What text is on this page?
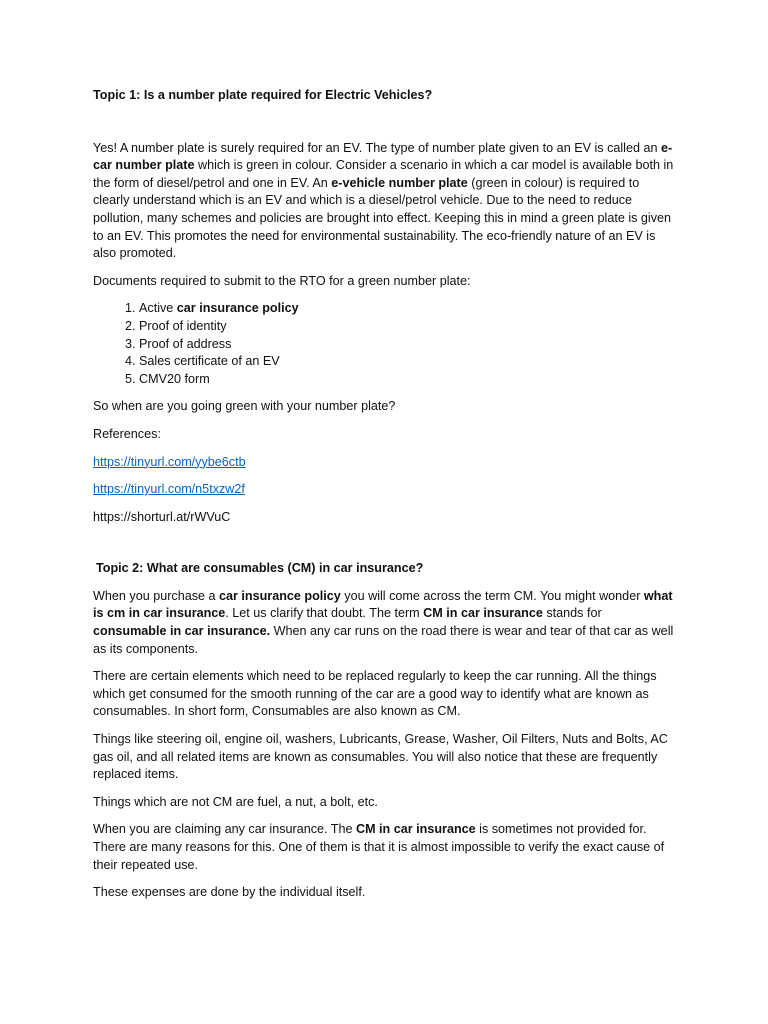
Topic 1: Is a number plate required for Electric Vehicles?

Yes! A number plate is surely required for an EV. The type of number plate given to an EV is called an e-car number plate which is green in colour. Consider a scenario in which a car model is available both in the form of diesel/petrol and one in EV. An e-vehicle number plate (green in colour) is required to clearly understand which is an EV and which is a diesel/petrol vehicle. Due to the need to reduce pollution, many schemes and policies are brought into effect. Keeping this in mind a green plate is given to an EV. This promotes the need for environmental sustainability. The eco-friendly nature of an EV is also promoted.

Documents required to submit to the RTO for a green number plate:

1. Active car insurance policy
2. Proof of identity
3. Proof of address
4. Sales certificate of an EV
5. CMV20 form

So when are you going green with your number plate?

References:

https://tinyurl.com/yybe6ctb

https://tinyurl.com/n5txzw2f

https://shorturl.at/rWVuC

Topic 2: What are consumables (CM) in car insurance?

When you purchase a car insurance policy you will come across the term CM. You might wonder what is cm in car insurance. Let us clarify that doubt. The term CM in car insurance stands for consumable in car insurance. When any car runs on the road there is wear and tear of that car as well as its components.

There are certain elements which need to be replaced regularly to keep the car running. All the things which get consumed for the smooth running of the car are a good way to identify what are known as consumables. In short form, Consumables are also known as CM.

Things like steering oil, engine oil, washers, Lubricants, Grease, Washer, Oil Filters, Nuts and Bolts, AC gas oil, and all related items are known as consumables. You will also notice that these are frequently replaced items.

Things which are not CM are fuel, a nut, a bolt, etc.

When you are claiming any car insurance. The CM in car insurance is sometimes not provided for. There are many reasons for this. One of them is that it is almost impossible to verify the exact cause of their repeated use.

These expenses are done by the individual itself.
